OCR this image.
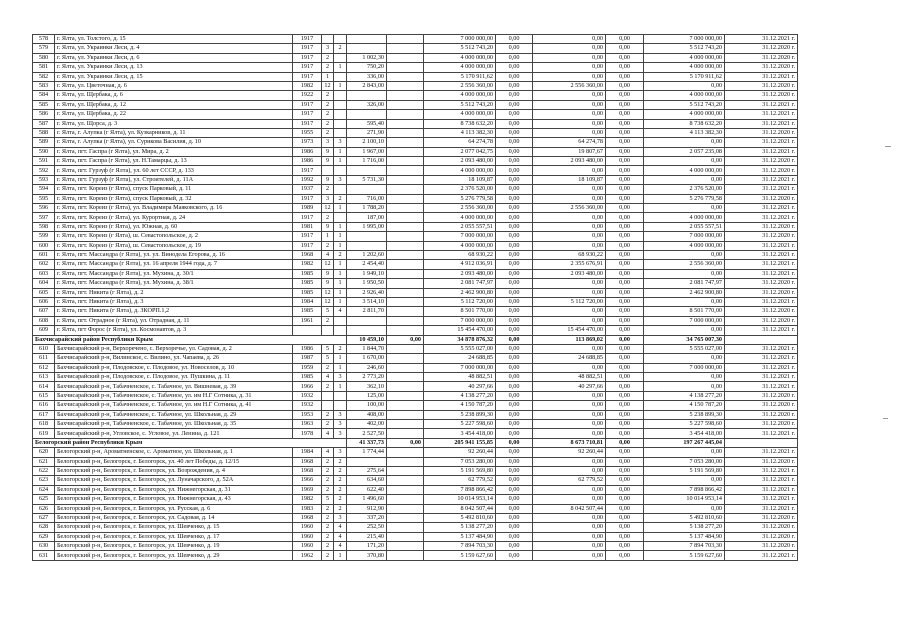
578	г. Ялта, ул. Толстого, д. 15	1917					7 000 000,00	0,00	0,00	0,00	7 000 000,00	31.12.2021 г.
579	г. Ялта, ул. Украинки Леси, д. 4	1917	3	2			5 512 743,20	0,00	0,00	0,00	5 512 743,20	31.12.2020 г.
580	г. Ялта, ул. Украинки Леси, д. 6	1917	2		1 002,30		4 000 000,00	0,00	0,00	0,00	4 000 000,00	31.12.2020 г.
581	г. Ялта, ул. Украинки Леси, д. 13	1917	2	1	750,20		4 000 000,00	0,00	0,00	0,00	4 000 000,00	31.12.2020 г.
582	г. Ялта, ул. Украинки Леси, д. 15	1917	1		336,00		5 170 911,62	0,00	0,00	0,00	5 170 911,62	31.12.2021 г.
583	г. Ялта, ул. Цветочная, д. 6	1982	12	1	2 843,00		2 556 360,00	0,00	2 556 360,00	0,00	0,00	31.12.2020 г.
584	г. Ялта, ул. Щербака, д. 6	1922	2				4 000 000,00	0,00	0,00	0,00	4 000 000,00	31.12.2020 г.
585	г. Ялта, ул. Щербака, д. 12	1917	2		326,00		5 512 743,20	0,00	0,00	0,00	5 512 743,20	31.12.2021 г.
586	г. Ялта, ул. Щербака, д. 22	1917	2				4 000 000,00	0,00	0,00	0,00	4 000 000,00	31.12.2021 г.
587	г. Ялта, ул. Щорса, д. 3	1917	2		595,40		8 738 632,20	0,00	0,00	0,00	8 738 632,20	31.12.2021 г.
588	г. Ялта, г. Алупка (г Ялта), ул. Кузкарников, д. 11	1955	2		271,90		4 113 382,30	0,00	0,00	0,00	4 113 382,30	31.12.2020 г.
589	г. Ялта, г. Алупка (г Ялта), ул. Сурикова Василия, д. 10	1973	3	3	2 100,10		64 274,78	0,00	64 274,78	0,00	0,00	31.12.2021 г.
590	г. Ялта, пгт. Гаспра (г Ялта), ул. Мира, д. 2	1986	9	1	1 967,00		2 077 042,75	0,00	19 807,67	0,00	2 057 235,08	31.12.2021 г.
591	г. Ялта, пгт. Гаспра (г Ялта), ул. Н.Тамарцы, д. 13	1986	9	1	1 716,00		2 093 480,00	0,00	2 093 480,00	0,00	0,00	31.12.2020 г.
592	г. Ялта, пгт. Гурзуф (г Ялта), ул. 60 лет СССР, д. 133	1917					4 000 000,00	0,00	0,00	0,00	4 000 000,00	31.12.2020 г.
593	г. Ялта, пгт. Гурзуф (г Ялта), ул. Строителей, д. 11А	1992	9	3	5 731,30		18 109,87	0,00	18 109,87	0,00	0,00	31.12.2021 г.
594	г. Ялта, пгт. Кореиз (г Ялта), спуск Парковый, д. 11	1937	2				2 376 520,00	0,00	0,00	0,00	2 376 520,00	31.12.2021 г.
595	г. Ялта, пгт. Кореиз (г Ялта), спуск Парковый, д. 32	1917	3	2	716,00		5 276 779,58	0,00	0,00	0,00	5 276 779,58	31.12.2020 г.
596	г. Ялта, пгт. Кореиз (г Ялта), ул. Владимира Маяковского, д. 16	1989	12	1	1 788,20		2 556 360,00	0,00	2 556 360,00	0,00	0,00	31.12.2021 г.
597	г. Ялта, пгт. Кореиз (г Ялта), ул. Курортная, д. 24	1917	2		187,00		4 000 000,00	0,00	0,00	0,00	4 000 000,00	31.12.2021 г.
598	г. Ялта, пгт. Кореиз (г Ялта), ул. Южная, д. 60	1981	9	1	1 995,00		2 055 557,51	0,00	0,00	0,00	2 055 557,51	31.12.2020 г.
599	г. Ялта, пгт. Кореиз (г Ялта), ш. Севастопольское, д. 2	1917	1	1			7 000 000,00	0,00	0,00	0,00	7 000 000,00	31.12.2020 г.
600	г. Ялта, пгт. Кореиз (г Ялта), ш. Севастопольское, д. 19	1917	2	1			4 000 000,00	0,00	0,00	0,00	4 000 000,00	31.12.2021 г.
601	г. Ялта, пгт. Массандра (г Ялта), ул. ул. Винодела Егорова, д. 16	1968	4	2	1 202,60		68 930,22	0,00	68 930,22	0,00	0,00	31.12.2021 г.
602	г. Ялта, пгт. Массандра (г Ялта), ул. 16 апреля 1944 года, д. 7	1982	12	1	2 454,40		4 912 036,91	0,00	2 355 676,91	0,00	2 556 360,00	31.12.2021 г.
603	г. Ялта, пгт. Массандра (г Ялта), ул. Мухина, д. 30/1	1985	9	1	1 949,10		2 093 480,00	0,00	2 093 480,00	0,00	0,00	31.12.2021 г.
604	г. Ялта, пгт. Массандра (г Ялта), ул. Мухина, д. 38/1	1985	9	1	1 950,50		2 081 747,97	0,00	0,00	0,00	2 081 747,97	31.12.2020 г.
605	г. Ялта, пгт. Никита (г Ялта), д. 2	1985	12	1	2 926,40		2 462 900,80	0,00	0,00	0,00	2 462 900,80	31.12.2020 г.
606	г. Ялта, пгт. Никита (г Ялта), д. 3	1984	12	1	3 514,10		5 112 720,00	0,00	5 112 720,00	0,00	0,00	31.12.2021 г.
607	г. Ялта, пгт. Никита (г Ялта), д. ЗКОРП.1,2	1985	5	4	2 811,70		8 501 770,00	0,00	0,00	0,00	8 501 770,00	31.12.2020 г.
608	г. Ялта, пгт. Отрадное (г Ялта), ул. Отрадная, д. 11	1961	2				7 000 000,00	0,00	0,00	0,00	7 000 000,00	31.12.2020 г.
609	г. Ялта, пгт Форос (г Ялта), ул. Космонавтов, д. 3						15 454 470,00	0,00	15 454 470,00	0,00	0,00	31.12.2021 г.
Бахчисарайский район Республики Крым					10 459,10	0,00	34 878 876,32	0,00	113 869,02	0,00	34 765 007,30	
610	Бахчисарайский р-н, Верхоречено, с. Верхоречье, ул. Садовая, д. 2	1986	5	2	1 844,70		5 555 027,00	0,00	0,00	0,00	5 555 027,00	31.12.2021 г.
611	Бахчисарайский р-н, Вилинское, с. Вилино, ул. Чапаева, д. 26	1987	5	1	1 670,00		24 688,85	0,00	24 688,85	0,00	0,00	31.12.2021 г.
612	Бахчисарайский р-н, Плодовское, с. Плодовое, ул. Новоселов, д. 10	1959	2	1	246,60		7 000 000,00	0,00	0,00	0,00	7 000 000,00	31.12.2021 г.
613	Бахчисарайский р-н, Плодовское, с. Плодовое, ул. Пушкина, д. 11	1985	4	3	2 773,20		48 882,51	0,00	48 882,51	0,00	0,00	31.12.2021 г.
614	Бахчисарайский р-н, Табачненское, с. Табачное, ул. Вишневая, д. 39	1966	2	1	362,10		40 297,66	0,00	40 297,66	0,00	0,00	31.12.2021 г.
615	Бахчисарайский р-н, Табачненское, с. Табачное, ул. им Н.Г Сотника, д. 31	1932			125,00		4 138 277,20	0,00	0,00	0,00	4 138 277,20	31.12.2020 г.
616	Бахчисарайский р-н, Табачненское, с. Табачное, ул. им Н.Г Сотника, д. 41	1932			100,00		4 150 787,20	0,00	0,00	0,00	4 150 787,20	31.12.2020 г.
617	Бахчисарайский р-н, Табачненское, с. Табачное, ул. Школьная, д. 29	1953	2	3	408,00		5 238 899,30	0,00	0,00	0,00	5 238 899,30	31.12.2020 г.
618	Бахчисарайский р-н, Табачненское, с. Табачное, ул. Школьная, д. 35	1963	2	3	402,00		5 227 598,60	0,00	0,00	0,00	5 227 598,60	31.12.2020 г.
619	Бахчисарайский р-н, Угловское, с. Угловое, ул. Ленина, д. 121	1978	4	3	2 527,50		3 454 418,00	0,00	0,00	0,00	3 454 418,00	31.12.2021 г.
Белогорский район Республики Крым					41 337,73	0,00	205 941 155,85	0,00	8 673 710,81	0,00	197 267 445,04	
620	Белогорский р-н, Ароматненское, с. Ароматное, ул. Школьная, д. 1	1984	4	3	1 774,44		92 260,44	0,00	92 260,44	0,00	0,00	31.12.2021 г.
621	Белогорский р-н, Белогорск, г. Белогорск, ул. 40 лет Победы, д. 12/15	1968	2	2			7 053 280,00	0,00	0,00	0,00	7 053 280,00	31.12.2020 г.
622	Белогорский р-н, Белогорск, г. Белогорск, ул. Возрождения, д. 4	1968	2	2	275,64		5 191 569,80	0,00	0,00	0,00	5 191 569,80	31.12.2021 г.
623	Белогорский р-н, Белогорск, г. Белогорск, ул. Луначарского, д. 52А	1966	2	2	634,60		62 779,52	0,00	62 779,52	0,00	0,00	31.12.2021 г.
624	Белогорский р-н, Белогорск, г. Белогорск, ул. Нижнегорская, д. 31	1969	2	2	622,40		7 898 866,42	0,00	0,00	0,00	7 898 866,42	31.12.2021 г.
625	Белогорский р-н, Белогорск, г. Белогорск, ул. Нижнегорская, д. 43	1982	5	2	1 496,60		10 014 953,14	0,00	0,00	0,00	10 014 953,14	31.12.2021 г.
626	Белогорский р-н, Белогорск, г. Белогорск, ул. Русская, д. 6	1983	2	2	912,90		8 042 507,44	0,00	8 042 507,44	0,00	0,00	31.12.2021 г.
627	Белогорский р-н, Белогорск, г. Белогорск, ул. Садовая, д. 14	1968	2	3	337,20		5 492 810,60	0,00	0,00	0,00	5 492 810,60	31.12.2020 г.
628	Белогорский р-н, Белогорск, г. Белогорск, ул. Шевченко, д. 15	1960	2	4	252,50		5 138 277,20	0,00	0,00	0,00	5 138 277,20	31.12.2020 г.
629	Белогорский р-н, Белогорск, г. Белогорск, ул. Шевченко, д. 17	1960	2	4	215,40		5 137 484,90	0,00	0,00	0,00	5 137 484,90	31.12.2020 г.
630	Белогорский р-н, Белогорск, г. Белогорск, ул. Шевченко, д. 19	1960	2	4	171,20		7 894 703,30	0,00	0,00	0,00	7 894 703,30	31.12.2020 г.
631	Белогорский р-н, Белогорск, г. Белогорск, ул. Шевченко, д. 29	1962	2	1	370,80		5 159 627,60	0,00	0,00	0,00	5 159 627,60	31.12.2021 г.
